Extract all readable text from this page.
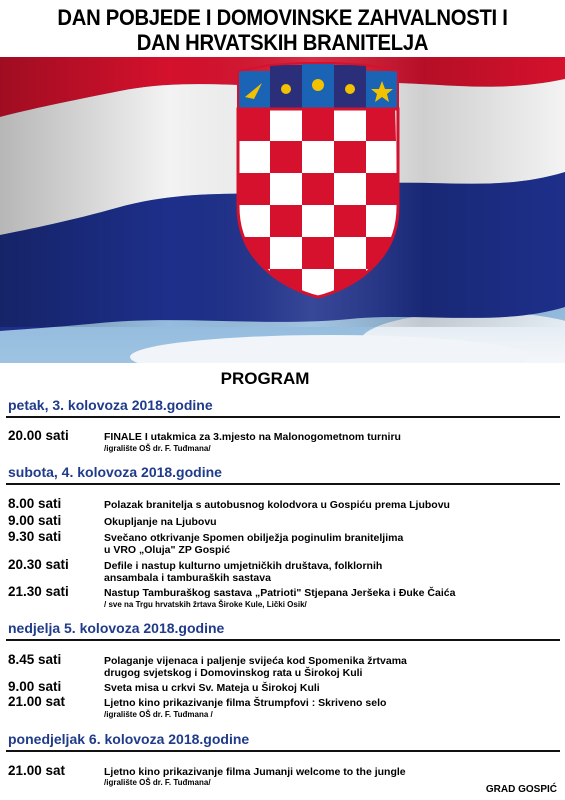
DAN POBJEDE I DOMOVINSKE ZAHVALNOSTI I
DAN HRVATSKIH BRANITELJA
PROGRAM
petak, 3. kolovoza 2018.godine
20.00 sati	FINALE I utakmica za 3.mjesto na Malonogometnom turniru
/igralište OŠ dr. F. Tuđmana/
subota, 4. kolovoza 2018.godine
8.00 sati	Polazak branitelja s autobusnog kolodvora u Gospiću prema Ljubovu
9.00 sati	Okupljanje na Ljubovu
9.30 sati	Svečano otkrivanje Spomen obilježja poginulim braniteljima
u VRO „Oluja" ZP Gospić
20.30 sati	Defile i nastup kulturno umjetničkih društava, folklornih
ansambala i tamburaških sastava
21.30 sati	Nastup Tamburaškog sastava „Patrioti" Stjepana Jeršeka i Đuke Čaića
/ sve na Trgu hrvatskih žrtava Široke Kule, Lički Osik/
nedjelja 5. kolovoza 2018.godine
8.45 sati	Polaganje vijenaca i paljenje svijeća kod Spomenika žrtvama
drugog svjetskog i Domovinskog rata u Širokoj Kuli
9.00 sati	Sveta misa u crkvi Sv. Mateja u Širokoj Kuli
21.00 sat	Ljetno kino prikazivanje filma Štrumpfovi : Skriveno selo
/igralište OŠ dr. F. Tuđmana /
ponedjeljak 6. kolovoza 2018.godine
21.00 sat	Ljetno kino prikazivanje filma Jumanji welcome to the jungle
/igralište OŠ dr. F. Tuđmana/
GRAD GOSPIĆ
